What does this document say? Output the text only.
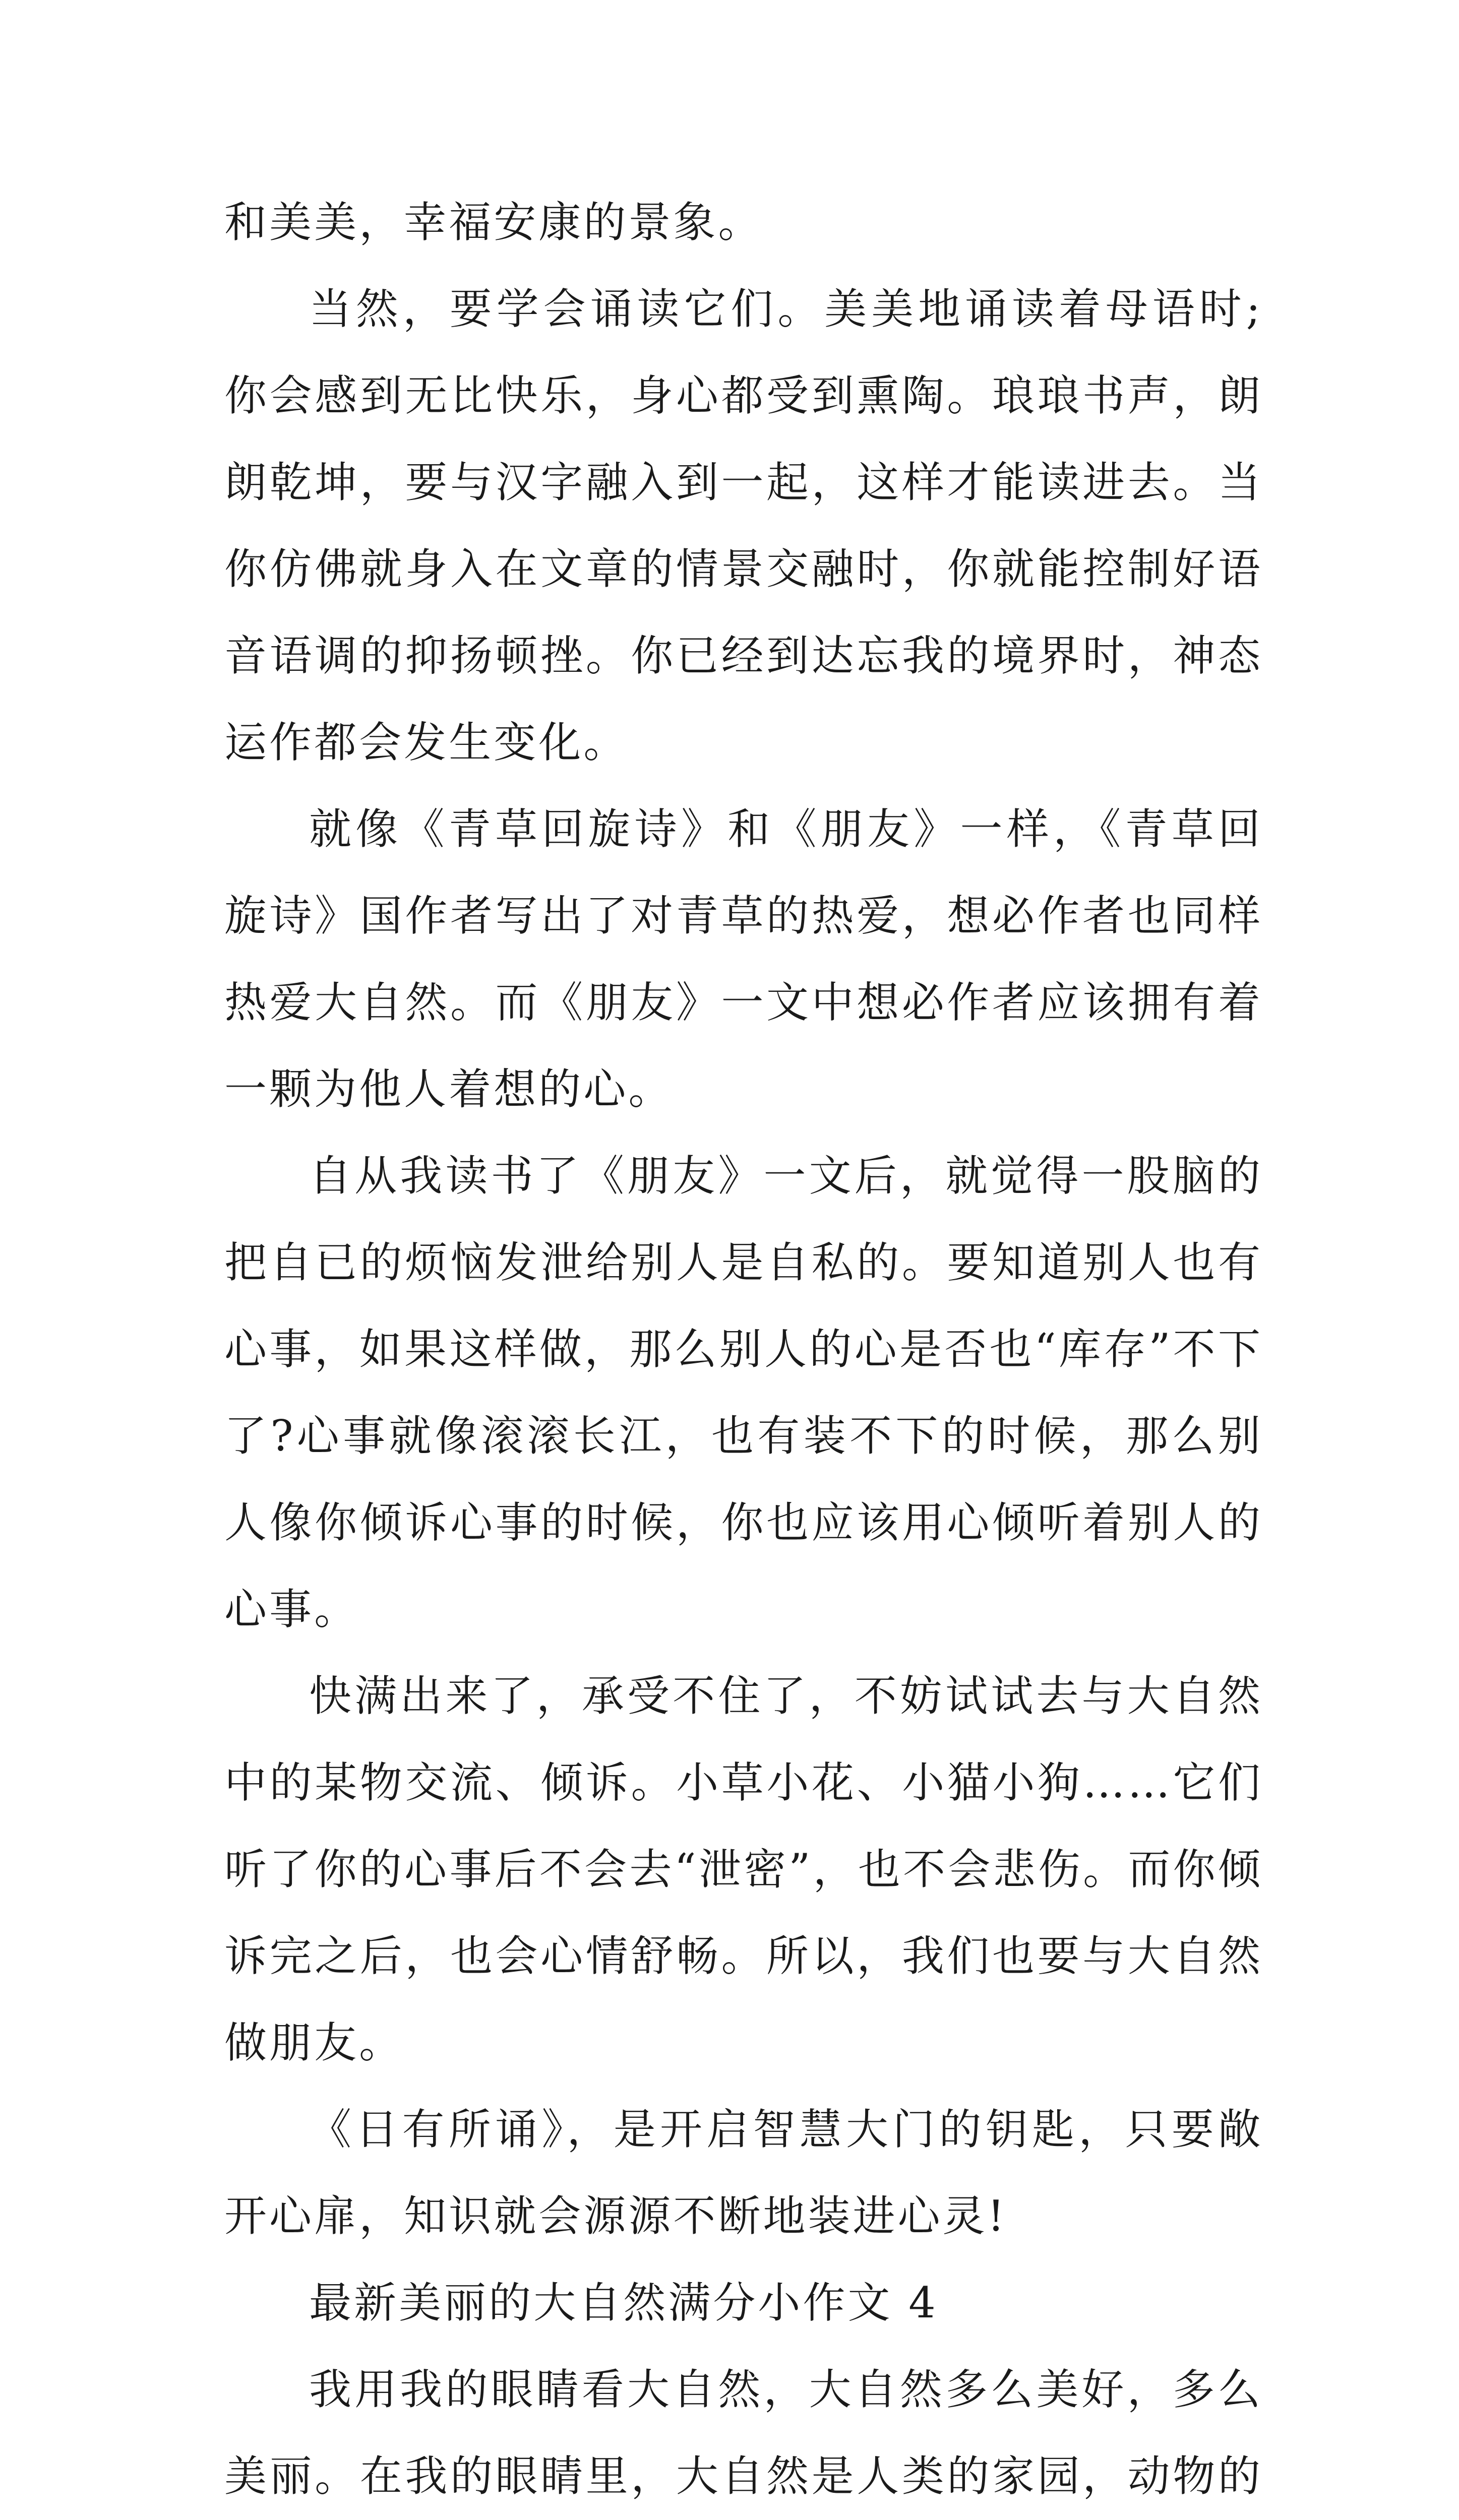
和美美，幸福安康的景象。

当然，要学会诵读它们。美美地诵读着母语时;你会感到无比快乐，身心都受到熏陶。琅琅书声，朗朗乾坤，要与汉字融入到一起，这样才能读进去。当你仿佛就身入在文章的情景交融时，你就能控制好语音语调的抑扬顿挫。你已经到达忘我的境界时，神态运作都会发生变化。

就像《青草回旋诗》和《朋友》一样，《青草回旋诗》国作者写出了对青草的热爱，想必作者也同样热爱大自然。而《朋友》一文中想必作者应该拥有着一颗为他人着想的心。

自从我读书了《朋友》一文后，就觉得一股脑的把自已的烦恼发泄给别人是自私的。要知道别人也有心事，如果这样做，那么别人的心是否也“库存”不下了?心事就像滚滚长江，也有装不下的时候，那么别人像你倾诉心事的时候，你也应该用心倾听着别人的心事。

快满出来了，承受不住了，不妨试试去与大自然中的某物交流、倾诉。小草小花、小猫小狗……它们听了你的心事后不会去“泄密”，也不会悲伤。而你倾诉完之后，也会心情舒畅。所以，我们也要与大自然做朋友。

《日有所诵》，是开启智慧大门的钥匙，只要敞开心扉，知识就会源源不断地装进心灵!

最新美丽的大自然满分小作文 4

我用我的眼睛看大自然，大自然多么美好，多么美丽。在我的眼睛里，大自然是人类的家园，动物的
